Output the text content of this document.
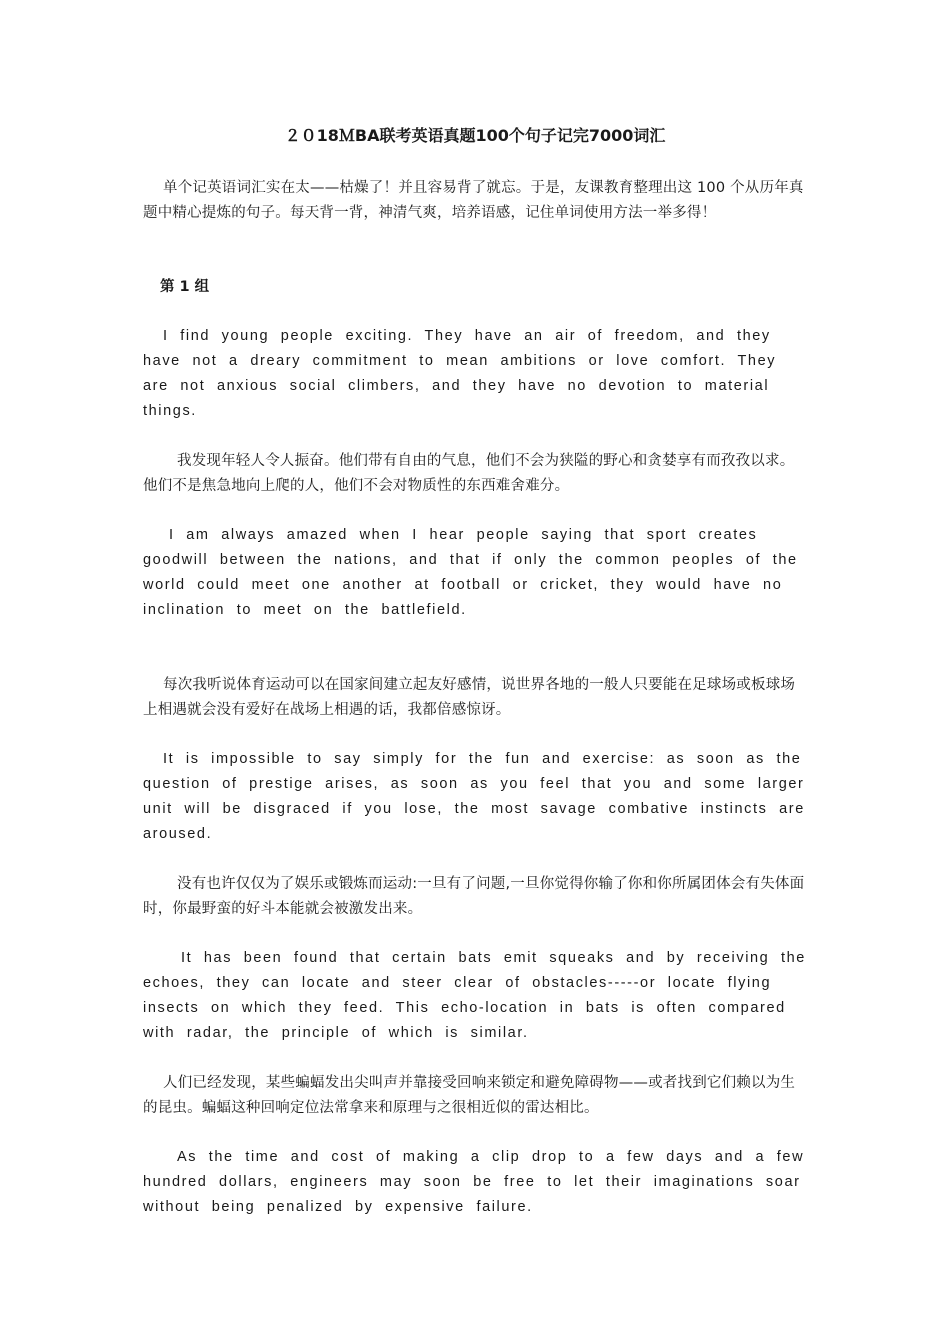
２０18ＭBA联考英语真题100个句子记完7000词汇

单个记英语词汇实在太——枯燥了！并且容易背了就忘。于是，友课教育整理出这 100 个从历年真题中精心提炼的句子。每天背一背，神清气爽，培养语感，记住单词使用方法一举多得！

第 1 组

I find young people exciting. They have an air of freedom, and they have not a dreary commitment to mean ambitions or love comfort. They are not anxious social climbers, and they have no devotion to material things.

我发现年轻人令人振奋。他们带有自由的气息，他们不会为狭隘的野心和贪婪享有而孜孜以求。他们不是焦急地向上爬的人，他们不会对物质性的东西难舍难分。

I am always amazed when I hear people saying that sport creates goodwill between the nations, and that if only the common peoples of the world could meet one another at football or cricket, they would have no inclination to meet on the battlefield.

每次我听说体育运动可以在国家间建立起友好感情，说世界各地的一般人只要能在足球场或板球场上相遇就会没有爱好在战场上相遇的话，我都倍感惊讶。

It is impossible to say simply for the fun and exercise: as soon as the question of prestige arises, as soon as you feel that you and some larger unit will be disgraced if you lose, the most savage combative instincts are aroused.

没有也许仅仅为了娱乐或锻炼而运动:一旦有了问题,一旦你觉得你输了你和你所属团体会有失体面时，你最野蛮的好斗本能就会被激发出来。

It has been found that certain bats emit squeaks and by receiving the echoes, they can locate and steer clear of obstacles-----or locate flying insects on which they feed. This echo-location in bats is often compared with radar, the principle of which is similar.

人们已经发现，某些蝙蝠发出尖叫声并靠接受回响来锁定和避免障碍物——或者找到它们赖以为生的昆虫。蝙蝠这种回响定位法常拿来和原理与之很相近似的雷达相比。

As the time and cost of making a clip drop to a few days and a few hundred dollars, engineers may soon be free to let their imaginations soar without being penalized by expensive failure.
